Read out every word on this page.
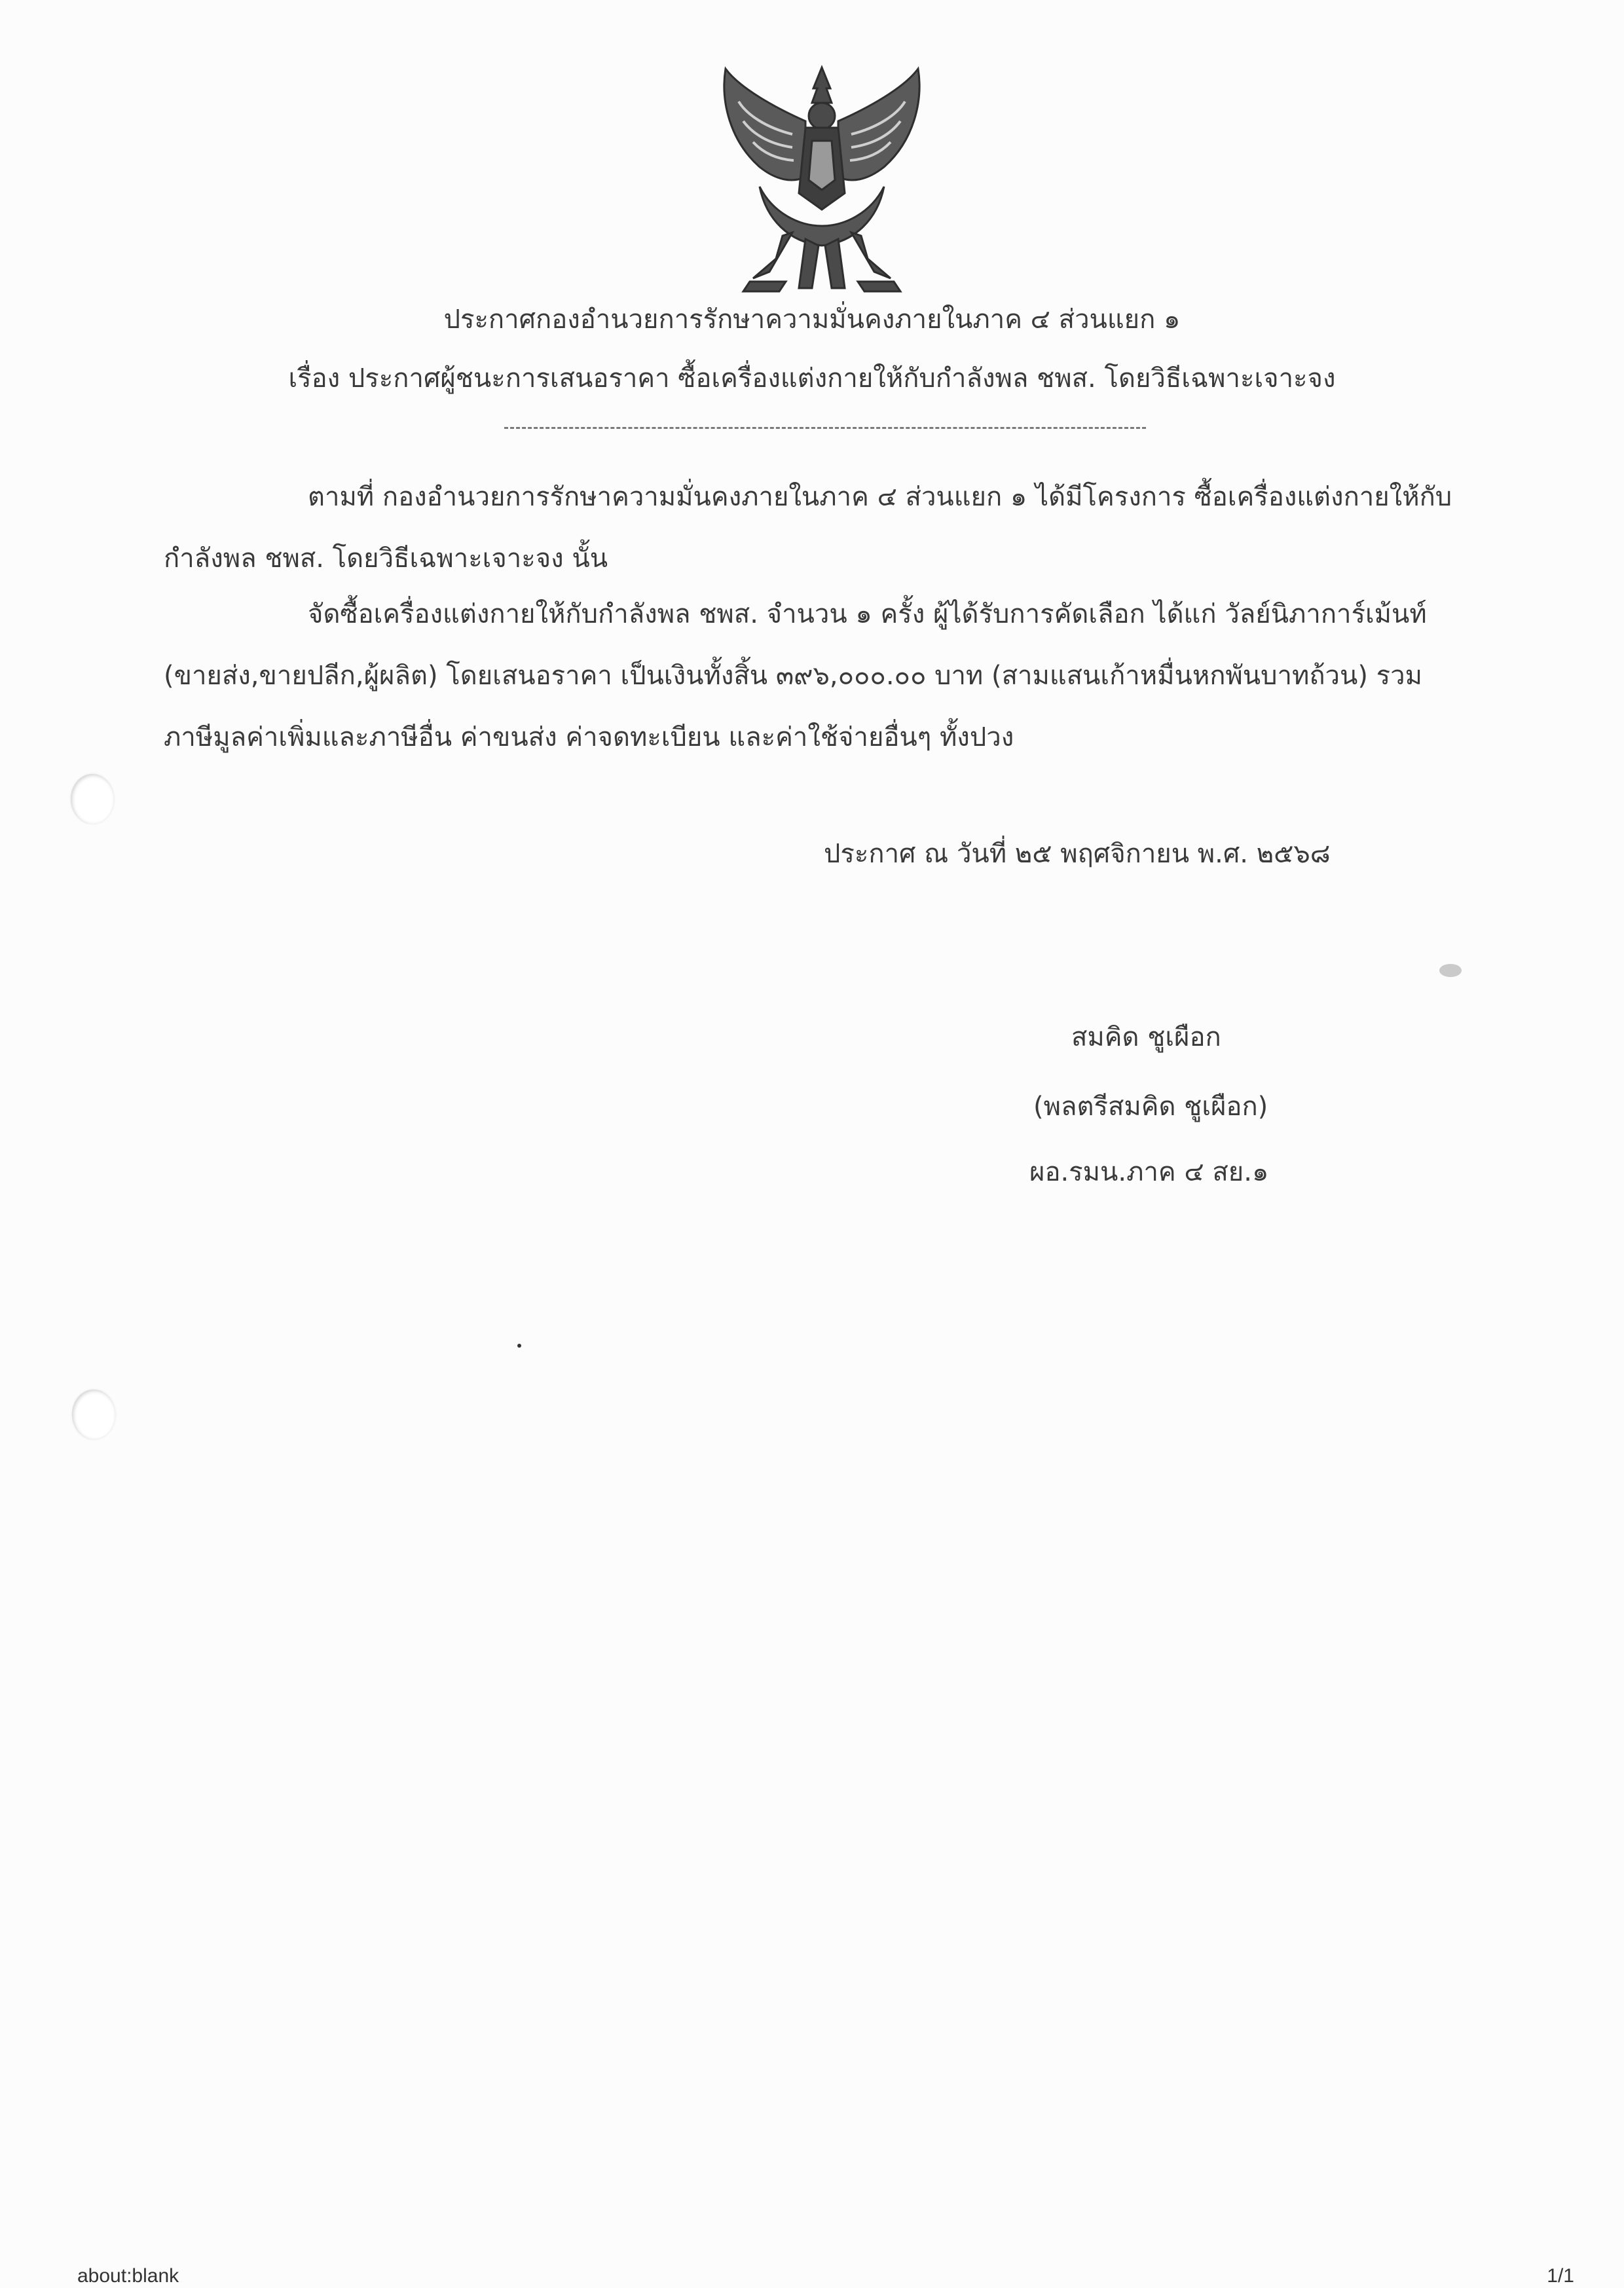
ประกาศกองอำนวยการรักษาความมั่นคงภายในภาค ๔ ส่วนแยก ๑
เรื่อง ประกาศผู้ชนะการเสนอราคา ซื้อเครื่องแต่งกายให้กับกำลังพล ชพส. โดยวิธีเฉพาะเจาะจง
ตามที่ กองอำนวยการรักษาความมั่นคงภายในภาค ๔ ส่วนแยก ๑ ได้มีโครงการ ซื้อเครื่องแต่งกายให้กับ
กำลังพล ชพส. โดยวิธีเฉพาะเจาะจง นั้น
จัดซื้อเครื่องแต่งกายให้กับกำลังพล ชพส. จำนวน ๑ ครั้ง ผู้ได้รับการคัดเลือก ได้แก่ วัลย์นิภาการ์เม้นท์
(ขายส่ง,ขายปลีก,ผู้ผลิต) โดยเสนอราคา เป็นเงินทั้งสิ้น ๓๙๖,๐๐๐.๐๐ บาท (สามแสนเก้าหมื่นหกพันบาทถ้วน) รวม
ภาษีมูลค่าเพิ่มและภาษีอื่น ค่าขนส่ง ค่าจดทะเบียน และค่าใช้จ่ายอื่นๆ ทั้งปวง
ประกาศ ณ วันที่ ๒๕ พฤศจิกายน พ.ศ. ๒๕๖๘
สมคิด ชูเผือก
(พลตรีสมคิด ชูเผือก)
ผอ.รมน.ภาค ๔ สย.๑
about:blank	1/1
